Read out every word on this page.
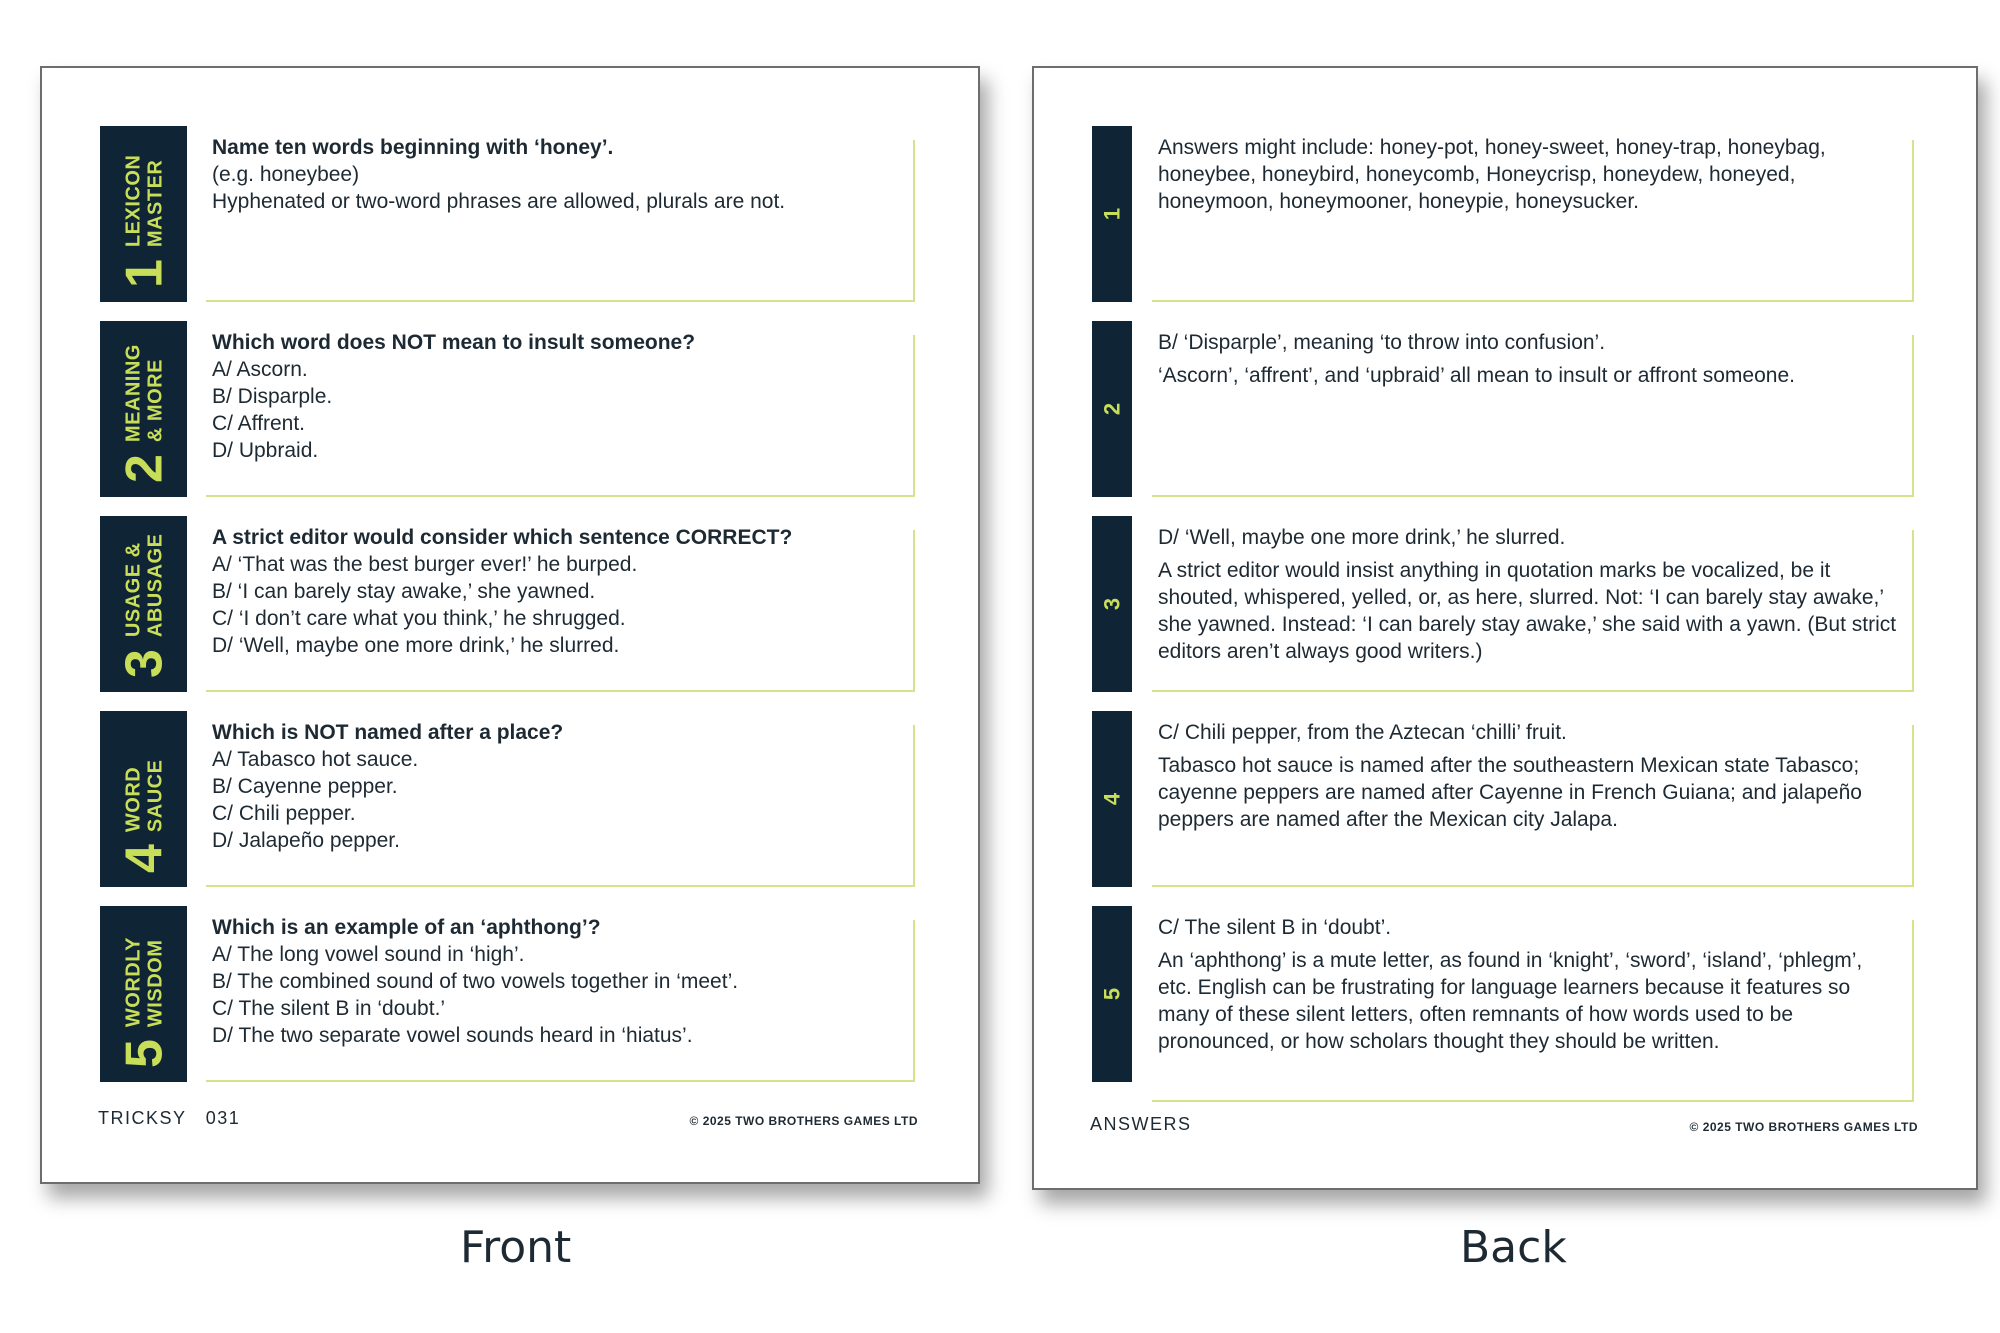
1
LEXICON
MASTER
Name ten words beginning with ‘honey’.
(e.g. honeybee)
Hyphenated or two-word phrases are allowed, plurals are not.
2
MEANING
& MORE
Which word does NOT mean to insult someone?
A/ Ascorn.
B/ Disparple.
C/ Affrent.
D/ Upbraid.
3
USAGE &
ABUSAGE A strict editor would consider which sentence CORRECT?
A/ ‘That was the best burger ever!’ he burped.
B/ ‘I can barely stay awake,’ she yawned.
C/ ‘I don’t care what you think,’ he shrugged.
D/ ‘Well, maybe one more drink,’ he slurred.
4
WORD
SAUCE
Which is NOT named after a place?
A/ Tabasco hot sauce.
B/ Cayenne pepper.
C/ Chili pepper.
D/ Jalapeño pepper.
5
WORDLY
WISDOM
Which is an example of an ‘aphthong’?
A/ The long vowel sound in ‘high’.
B/ The combined sound of two vowels together in ‘meet’.
C/ The silent B in ‘doubt.’
D/ The two separate vowel sounds heard in ‘hiatus’.
TRICKSY   031	© 2025 TWO BROTHERS GAMES LTD
1

Answers might include: honey-pot, honey-sweet, honey-trap, honeybag, honeybee, honeybird, honeycomb, Honeycrisp, honeydew, honeyed, honeymoon, honeymooner, honeypie, honeysucker.

2

B/ ‘Disparple’, meaning ‘to throw into confusion’.

‘Ascorn’, ‘affrent’, and ‘upbraid’ all mean to insult or affront someone.

3

D/ ‘Well, maybe one more drink,’ he slurred.

A strict editor would insist anything in quotation marks be vocalized, be it shouted, whispered, yelled, or, as here, slurred. Not: ‘I can barely stay awake,’ she yawned. Instead: ‘I can barely stay awake,’ she said with a yawn. (But strict editors aren’t always good writers.)

4

C/ Chili pepper, from the Aztecan ‘chilli’ fruit.

Tabasco hot sauce is named after the southeastern Mexican state Tabasco; cayenne peppers are named after Cayenne in French Guiana; and jalapeño peppers are named after the Mexican city Jalapa.

5

C/ The silent B in ‘doubt’.

An ‘aphthong’ is a mute letter, as found in ‘knight’, ‘sword’, ‘island’, ‘phlegm’, etc. English can be frustrating for language learners because it features so many of these silent letters, often remnants of how words used to be pronounced, or how scholars thought they should be written.

ANSWERS	© 2025 TWO BROTHERS GAMES LTD
Front	Back
